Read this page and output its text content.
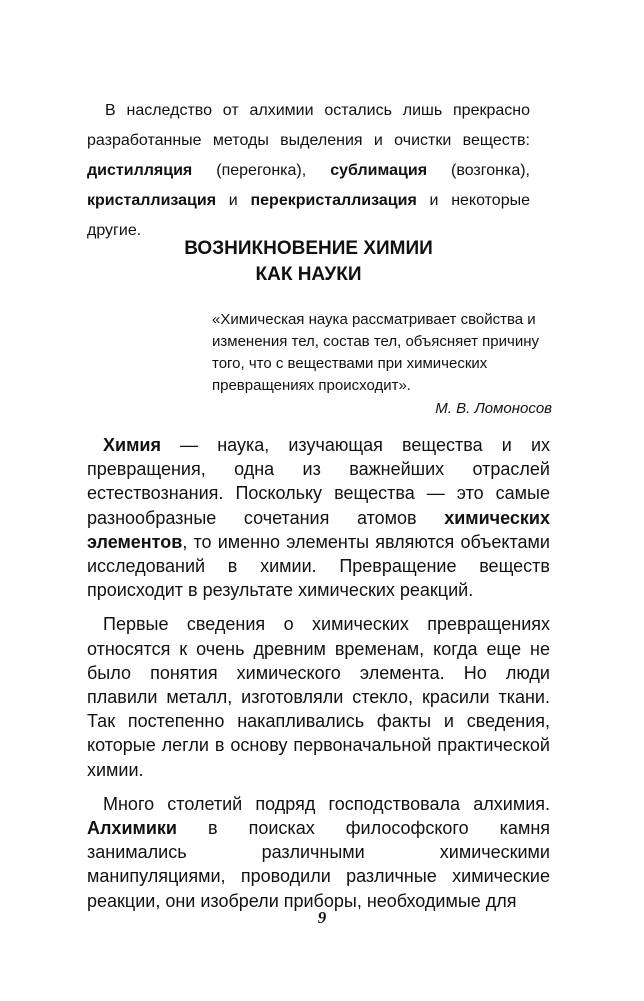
В наследство от алхимии остались лишь прекрасно разработанные методы выделения и очистки веществ: дистилляция (перегонка), сублимация (возгонка), кристаллизация и перекристаллизация и некоторые другие.

ВОЗНИКНОВЕНИЕ ХИМИИ
КАК НАУКИ
«Химическая наука рассматривает свойства и изменения тел, состав тел, объясняет причину того, что с веществами при химических превращениях происходит».
М. В. Ломоносов

Химия — наука, изучающая вещества и их превращения, одна из важнейших отраслей естествознания. Поскольку вещества — это самые разнообразные сочетания атомов химических элементов, то именно элементы являются объектами исследований в химии. Превращение веществ происходит в результате химических реакций.

Первые сведения о химических превращениях относятся к очень древним временам, когда еще не было понятия химического элемента. Но люди плавили металл, изготовляли стекло, красили ткани. Так постепенно накапливались факты и сведения, которые легли в основу первоначальной практической химии.

Много столетий подряд господствовала алхимия. Алхимики в поисках философского камня занимались различными химическими манипуляциями, проводили различные химические реакции, они изобрели приборы, необходимые для

9
